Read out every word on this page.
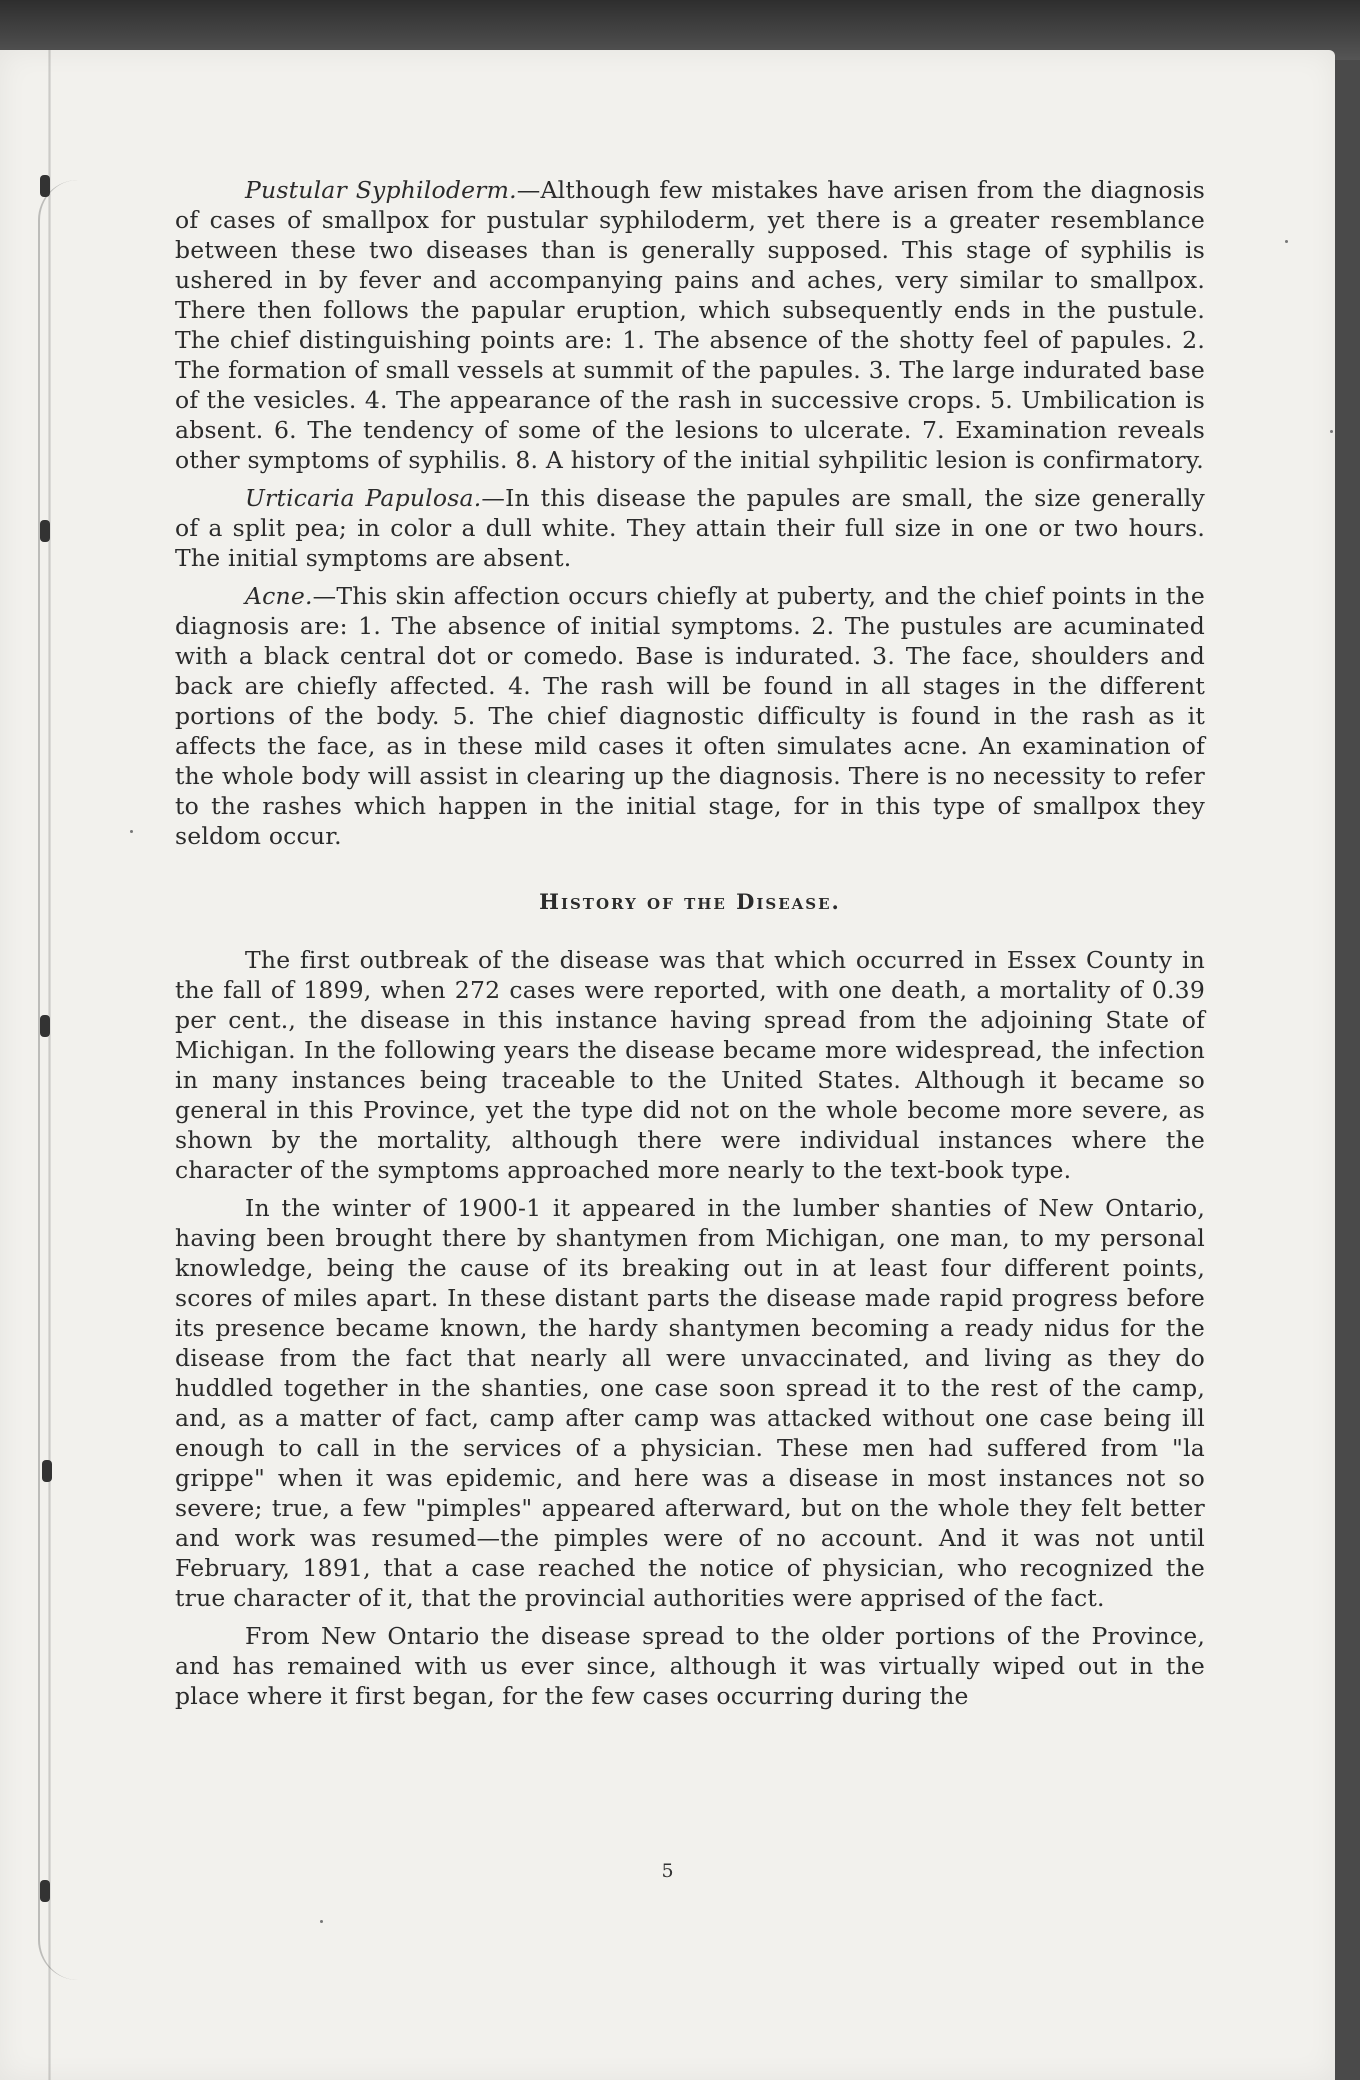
Pustular Syphiloderm.—Although few mistakes have arisen from the diagnosis of cases of smallpox for pustular syphiloderm, yet there is a greater resemblance between these two diseases than is generally supposed. This stage of syphilis is ushered in by fever and accompanying pains and aches, very similar to smallpox. There then follows the papular eruption, which subsequently ends in the pustule. The chief distinguishing points are: 1. The absence of the shotty feel of papules. 2. The formation of small vessels at summit of the papules. 3. The large indurated base of the vesicles. 4. The appearance of the rash in successive crops. 5. Umbilication is absent. 6. The tendency of some of the lesions to ulcerate. 7. Examination reveals other symptoms of syphilis. 8. A history of the initial syhpilitic lesion is confirmatory.

Urticaria Papulosa.—In this disease the papules are small, the size generally of a split pea; in color a dull white. They attain their full size in one or two hours. The initial symptoms are absent.

Acne.—This skin affection occurs chiefly at puberty, and the chief points in the diagnosis are: 1. The absence of initial symptoms. 2. The pustules are acuminated with a black central dot or comedo. Base is indurated. 3. The face, shoulders and back are chiefly affected. 4. The rash will be found in all stages in the different portions of the body. 5. The chief diagnostic difficulty is found in the rash as it affects the face, as in these mild cases it often simulates acne. An examination of the whole body will assist in clearing up the diagnosis. There is no necessity to refer to the rashes which happen in the initial stage, for in this type of smallpox they seldom occur.

History of the Disease.

The first outbreak of the disease was that which occurred in Essex County in the fall of 1899, when 272 cases were reported, with one death, a mortality of 0.39 per cent., the disease in this instance having spread from the adjoining State of Michigan. In the following years the disease became more widespread, the infection in many instances being traceable to the United States. Although it became so general in this Province, yet the type did not on the whole become more severe, as shown by the mortality, although there were individual instances where the character of the symptoms approached more nearly to the text-book type.

In the winter of 1900-1 it appeared in the lumber shanties of New Ontario, having been brought there by shantymen from Michigan, one man, to my personal knowledge, being the cause of its breaking out in at least four different points, scores of miles apart. In these distant parts the disease made rapid progress before its presence became known, the hardy shantymen becoming a ready nidus for the disease from the fact that nearly all were unvaccinated, and living as they do huddled together in the shanties, one case soon spread it to the rest of the camp, and, as a matter of fact, camp after camp was attacked without one case being ill enough to call in the services of a physician. These men had suffered from "la grippe" when it was epidemic, and here was a disease in most instances not so severe; true, a few "pimples" appeared afterward, but on the whole they felt better and work was resumed—the pimples were of no account. And it was not until February, 1891, that a case reached the notice of physician, who recognized the true character of it, that the provincial authorities were apprised of the fact.

From New Ontario the disease spread to the older portions of the Province, and has remained with us ever since, although it was virtually wiped out in the place where it first began, for the few cases occurring during the

5
